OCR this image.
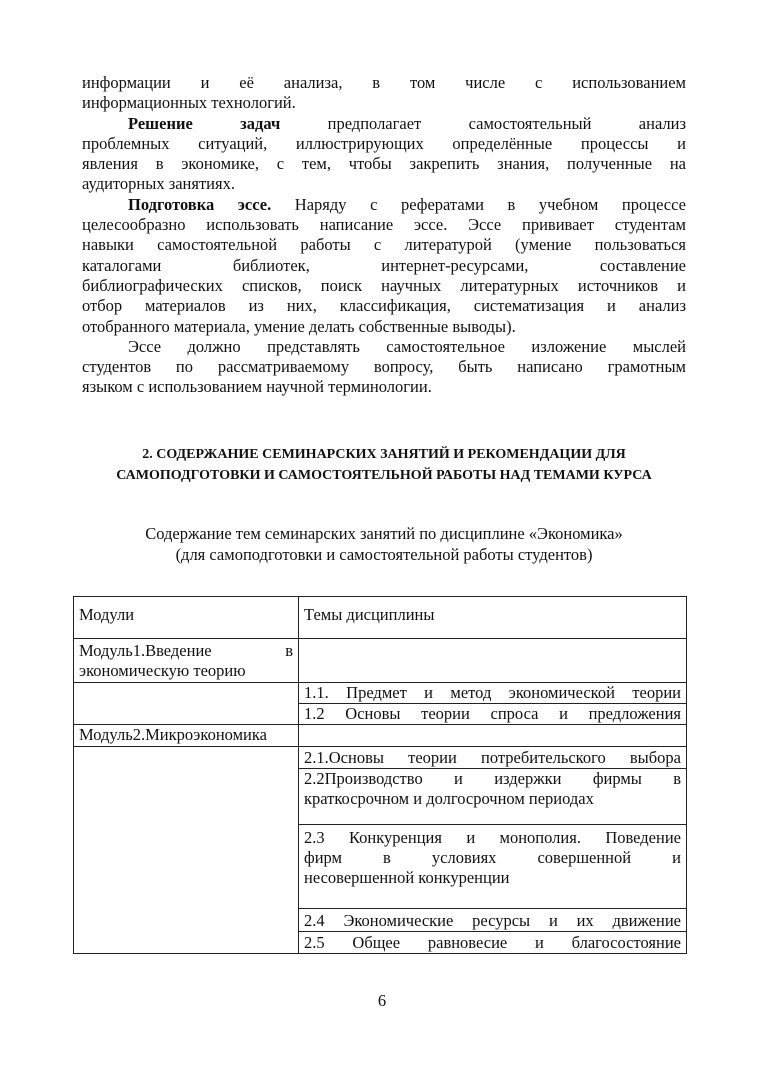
информации и её анализа, в том числе с использованием

информационных технологий.

Решение задач предполагает самостоятельный анализ

проблемных ситуаций, иллюстрирующих определённые процессы и

явления в экономике, с тем, чтобы закрепить знания, полученные на

аудиторных занятиях.

Подготовка эссе. Наряду с рефератами в учебном процессе

целесообразно использовать написание эссе. Эссе прививает студентам

навыки самостоятельной работы с литературой (умение пользоваться

каталогами библиотек, интернет-ресурсами, составление

библиографических списков, поиск научных литературных источников и

отбор материалов из них, классификация, систематизация и анализ

отобранного материала, умение делать собственные выводы).

Эссе должно представлять самостоятельное изложение мыслей

студентов по рассматриваемому вопросу, быть написано грамотным

языком с использованием научной терминологии.

2. СОДЕРЖАНИЕ СЕМИНАРСКИХ ЗАНЯТИЙ И РЕКОМЕНДАЦИИ ДЛЯ
САМОПОДГОТОВКИ И САМОСТОЯТЕЛЬНОЙ РАБОТЫ НАД ТЕМАМИ КУРСА
Содержание тем семинарских занятий по дисциплине «Экономика»
(для самоподготовки и самостоятельной работы студентов)
Модули	Темы дисциплины

Модуль1.Введение в
экономическую теорию	

	1.1. Предмет и метод экономической теории
	1.2 Основы теории спроса и предложения
Модуль2.Микроэкономика	
	2.1.Основы теории потребительского выбора

	2.2Производство и издержки фирмы в
краткосрочном и долгосрочном периодах

	2.3 Конкуренция и монополия. Поведение
фирм в условиях совершенной и
несовершенной конкуренции

	2.4 Экономические ресурсы и их движение
	2.5 Общее равновесие и благосостояние
6
